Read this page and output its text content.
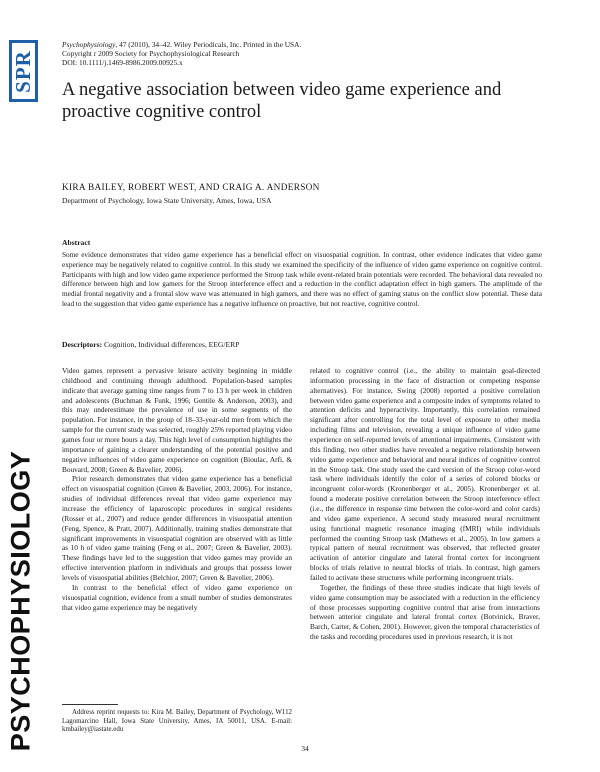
SPR
PSYCHOPHYSIOLOGY
Psychophysiology, 47 (2010), 34–42. Wiley Periodicals, Inc. Printed in the USA.
Copyright r 2009 Society for Psychophysiological Research
DOI: 10.1111/j.1469-8986.2009.00925.x
A negative association between video game experience and proactive cognitive control
KIRA BAILEY, ROBERT WEST, AND CRAIG A. ANDERSON
Department of Psychology, Iowa State University, Ames, Iowa, USA
Abstract

Some evidence demonstrates that video game experience has a beneficial effect on visuospatial cognition. In contrast, other evidence indicates that video game experience may be negatively related to cognitive control. In this study we examined the specificity of the influence of video game experience on cognitive control. Participants with high and low video game experience performed the Stroop task while event-related brain potentials were recorded. The behavioral data revealed no difference between high and low gamers for the Stroop interference effect and a reduction in the conflict adaptation effect in high gamers. The amplitude of the medial frontal negativity and a frontal slow wave was attenuated in high gamers, and there was no effect of gaming status on the conflict slow potential. These data lead to the suggestion that video game experience has a negative influence on proactive, but not reactive, cognitive control.

Descriptors: Cognition, Individual differences, EEG/ERP

Video games represent a pervasive leisure activity beginning in middle childhood and continuing through adulthood. Population-based samples indicate that average gaming time ranges from 7 to 13 h per week in children and adolescents (Buchman & Funk, 1996; Gentile & Anderson, 2003), and this may underestimate the prevalence of use in some segments of the population. For instance, in the group of 18–33-year-old men from which the sample for the current study was selected, roughly 25% reported playing video games four or more hours a day. This high level of consumption highlights the importance of gaining a clearer understanding of the potential positive and negative influences of video game experience on cognition (Bioulac, Arfi, & Bouvard, 2008; Green & Bavelier, 2006).

Prior research demonstrates that video game experience has a beneficial effect on visuospatial cognition (Green & Bavelier, 2003, 2006). For instance, studies of individual differences reveal that video game experience may increase the efficiency of laparoscopic procedures in surgical residents (Rosser et al., 2007) and reduce gender differences in visuospatial attention (Feng, Spence, & Pratt, 2007). Additionally, training studies demonstrate that significant improvements in visuospatial cognition are observed with as little as 10 h of video game training (Feng et al., 2007; Green & Bavelier, 2003). These findings have led to the suggestion that video games may provide an effective intervention platform in individuals and groups that possess lower levels of visuospatial abilities (Belchior, 2007; Green & Bavelier, 2006).

In contrast to the beneficial effect of video game experience on visuospatial cognition, evidence from a small number of studies demonstrates that video game experience may be negatively

related to cognitive control (i.e., the ability to maintain goal-directed information processing in the face of distraction or competing response alternatives). For instance, Swing (2008) reported a positive correlation between video game experience and a composite index of symptoms related to attention deficits and hyperactivity. Importantly, this correlation remained significant after controlling for the total level of exposure to other media including films and television, revealing a unique influence of video game experience on self-reported levels of attentional impairments. Consistent with this finding, two other studies have revealed a negative relationship between video game experience and behavioral and neural indices of cognitive control in the Stroop task. One study used the card version of the Stroop color-word task where individuals identify the color of a series of colored blocks or incongruent color-words (Kronenberger et al., 2005). Kronenberger et al. found a moderate positive correlation between the Stroop interference effect (i.e., the difference in response time between the color-word and color cards) and video game experience. A second study measured neural recruitment using functional magnetic resonance imaging (fMRI) while individuals performed the counting Stroop task (Mathews et al., 2005). In low gamers a typical pattern of neural recruitment was observed, that reflected greater activation of anterior cingulate and lateral frontal cortex for incongruent blocks of trials relative to neutral blocks of trials. In contrast, high gamers failed to activate these structures while performing incongruent trials.

Together, the findings of these three studies indicate that high levels of video game consumption may be associated with a reduction in the efficiency of those processes supporting cognitive control that arise from interactions between anterior cingulate and lateral frontal cortex (Botvinick, Braver, Barch, Carter, & Cohen, 2001). However, given the temporal characteristics of the tasks and recording procedures used in previous research, it is not

Address reprint requests to: Kira M. Bailey, Department of Psychology, W112 Lagomarcino Hall, Iowa State University, Ames, IA 50011, USA. E-mail: kmbailey@iastate.edu
34
